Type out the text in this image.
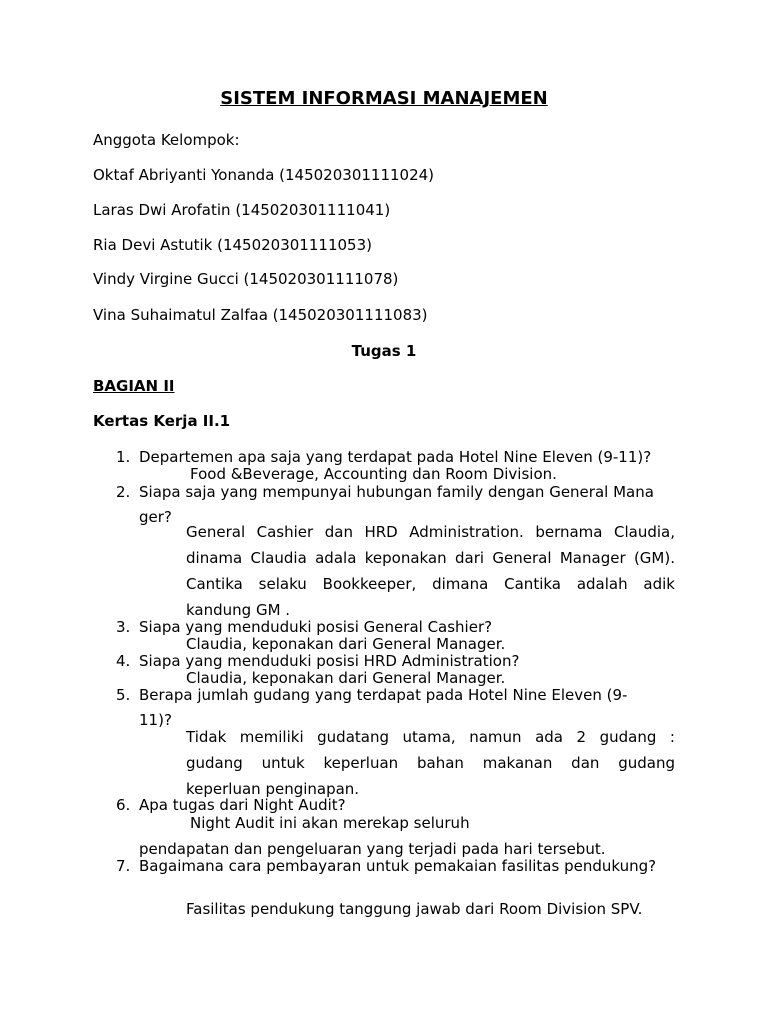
SISTEM INFORMASI MANAJEMEN
Anggota Kelompok:
Oktaf Abriyanti Yonanda (145020301111024)
Laras Dwi Arofatin (145020301111041)
Ria Devi Astutik (145020301111053)
Vindy Virgine Gucci (145020301111078)
Vina Suhaimatul Zalfaa (145020301111083)
Tugas 1
BAGIAN II
Kertas Kerja II.1
1. Departemen apa saja yang terdapat pada Hotel Nine Eleven (9-11)?
Food &Beverage, Accounting dan Room Division.
2. Siapa saja yang mempunyai hubungan family dengan General Mana
ger?
General Cashier dan HRD Administration. bernama Claudia,
dinama Claudia adala keponakan dari General Manager (GM).
Cantika selaku Bookkeeper, dimana Cantika adalah adik
kandung GM .
3. Siapa yang menduduki posisi General Cashier?
Claudia, keponakan dari General Manager.
4. Siapa yang menduduki posisi HRD Administration?
Claudia, keponakan dari General Manager.
5. Berapa jumlah gudang yang terdapat pada Hotel Nine Eleven (9-
11)?
Tidak memiliki gudatang utama, namun ada 2 gudang :
gudang untuk keperluan bahan makanan dan gudang
keperluan penginapan.
6. Apa tugas dari Night Audit?
Night Audit ini akan merekap seluruh
pendapatan dan pengeluaran yang terjadi pada hari tersebut.
7. Bagaimana cara pembayaran untuk pemakaian fasilitas pendukung?
Fasilitas pendukung tanggung jawab dari Room Division SPV.
